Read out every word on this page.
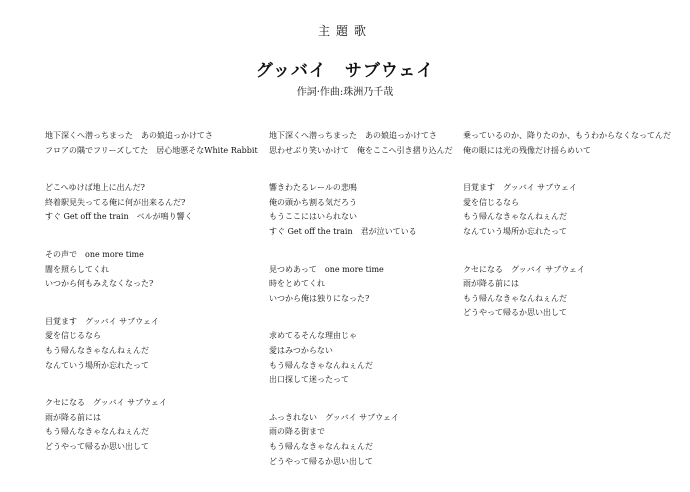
主題歌
グッバイ　サブウェイ
作詞·作曲:珠洲乃千哉
地下深くへ潜っちまった　あの娘追っかけてさ
フロアの隅でフリーズしてた　居心地悪そなWhite Rabbit
どこへゆけば地上に出んだ?
終着駅見失ってる俺に何が出来るんだ?
すぐ Get off the train　ベルが鳴り響く
その声で　one more time
闇を照らしてくれ
いつから何もみえなくなった?
目覚ます　グッバイ サブウェイ
愛を信じるなら
もう帰んなきゃなんねぇんだ
なんていう場所か忘れたって
クセになる　グッバイ サブウェイ
雨が降る前には
もう帰んなきゃなんねぇんだ
どうやって帰るか思い出して
地下深くへ潜っちまった　あの娘追っかけてさ
思わせぶり笑いかけて　俺をここへ引き摺り込んだ
響きわたるレールの悲鳴
俺の頭かち割る気だろう
もうここにはいられない
すぐ Get off the train　君が泣いている
見つめあって　one more time
時をとめてくれ
いつから俺は独りになった?
求めてるそんな理由じゃ
愛はみつからない
もう帰んなきゃなんねぇんだ
出口探して迷ったって
ふっきれない　グッバイ サブウェイ
雨の降る街まで
もう帰んなきゃなんねぇんだ
どうやって帰るか思い出して
乗っているのか、降りたのか、もうわからなくなってんだ
俺の眼には光の残像だけ揺らめいて
目覚ます　グッバイ サブウェイ
愛を信じるなら
もう帰んなきゃなんねぇんだ
なんていう場所か忘れたって
クセになる　グッバイ サブウェイ
雨が降る前には
もう帰んなきゃなんねぇんだ
どうやって帰るか思い出して
